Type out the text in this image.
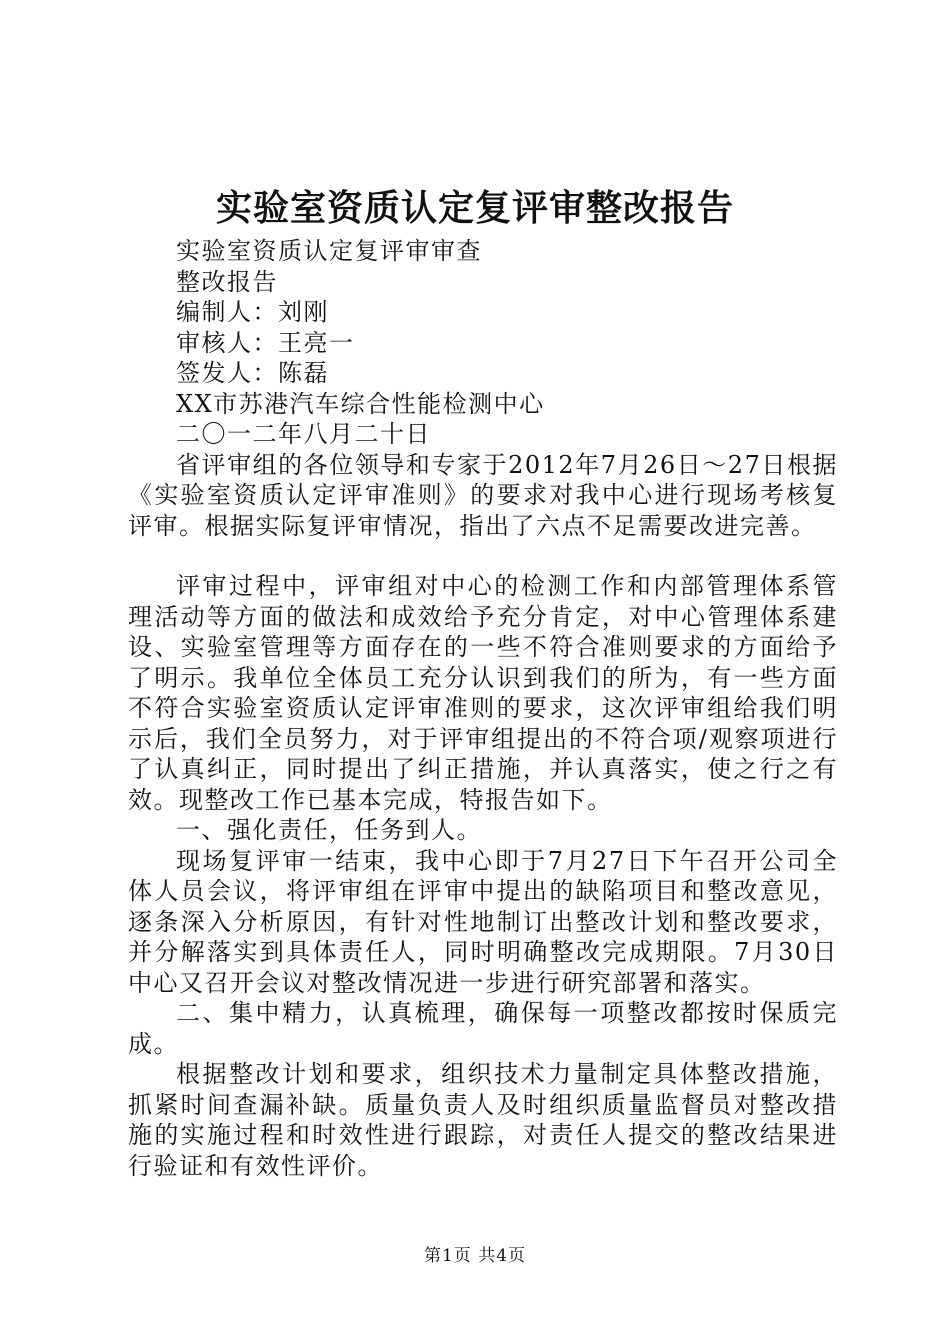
实验室资质认定复评审整改报告

实验室资质认定复评审审查

整改报告

编制人：刘刚

审核人：王亮一

签发人：陈磊

XX市苏港汽车综合性能检测中心

二〇一二年八月二十日

省评审组的各位领导和专家于2012年7月26日～27日根据《实验室资质认定评审准则》的要求对我中心进行现场考核复评审。根据实际复评审情况，指出了六点不足需要改进完善。

评审过程中，评审组对中心的检测工作和内部管理体系管理活动等方面的做法和成效给予充分肯定，对中心管理体系建设、实验室管理等方面存在的一些不符合准则要求的方面给予了明示。我单位全体员工充分认识到我们的所为，有一些方面不符合实验室资质认定评审准则的要求，这次评审组给我们明示后，我们全员努力，对于评审组提出的不符合项/观察项进行了认真纠正，同时提出了纠正措施，并认真落实，使之行之有效。现整改工作已基本完成，特报告如下。

一、强化责任，任务到人。

现场复评审一结束，我中心即于7月27日下午召开公司全体人员会议，将评审组在评审中提出的缺陷项目和整改意见，逐条深入分析原因，有针对性地制订出整改计划和整改要求，并分解落实到具体责任人，同时明确整改完成期限。7月30日中心又召开会议对整改情况进一步进行研究部署和落实。

二、集中精力，认真梳理，确保每一项整改都按时保质完成。

根据整改计划和要求，组织技术力量制定具体整改措施，抓紧时间查漏补缺。质量负责人及时组织质量监督员对整改措施的实施过程和时效性进行跟踪，对责任人提交的整改结果进行验证和有效性评价。

第1页 共4页
